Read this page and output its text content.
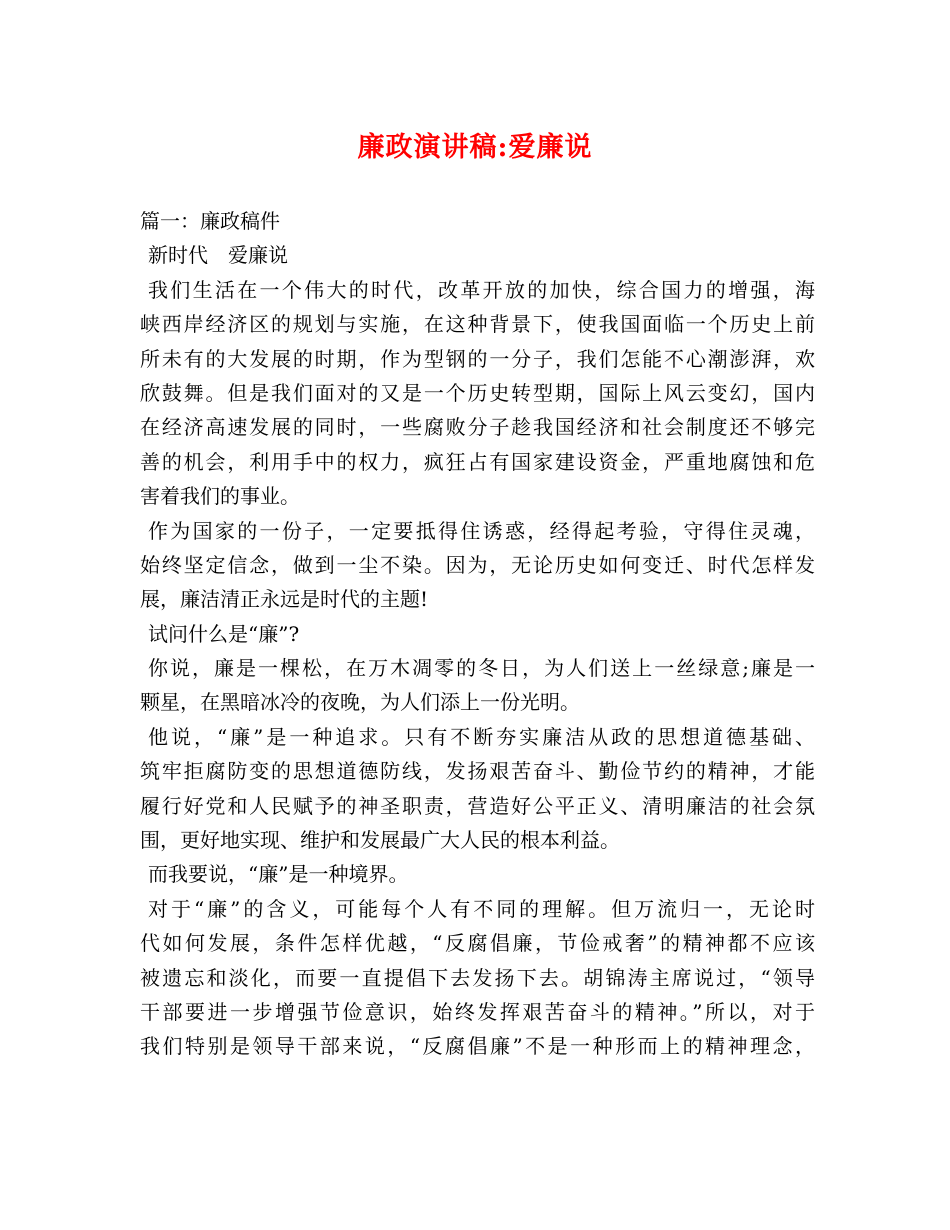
廉政演讲稿:爱廉说
篇一：廉政稿件
新时代　爱廉说
我们生活在一个伟大的时代，改革开放的加快，综合国力的增强，海
峡西岸经济区的规划与实施，在这种背景下，使我国面临一个历史上前
所未有的大发展的时期，作为型钢的一分子，我们怎能不心潮澎湃，欢
欣鼓舞。但是我们面对的又是一个历史转型期，国际上风云变幻，国内
在经济高速发展的同时，一些腐败分子趁我国经济和社会制度还不够完
善的机会，利用手中的权力，疯狂占有国家建设资金，严重地腐蚀和危
害着我们的事业。
作为国家的一份子，一定要抵得住诱惑，经得起考验，守得住灵魂，
始终坚定信念，做到一尘不染。因为，无论历史如何变迁、时代怎样发
展，廉洁清正永远是时代的主题!
试问什么是“廉”?
你说，廉是一棵松，在万木凋零的冬日，为人们送上一丝绿意;廉是一
颗星，在黑暗冰冷的夜晚，为人们添上一份光明。
他说，“廉”是一种追求。只有不断夯实廉洁从政的思想道德基础、
筑牢拒腐防变的思想道德防线，发扬艰苦奋斗、勤俭节约的精神，才能
履行好党和人民赋予的神圣职责，营造好公平正义、清明廉洁的社会氛
围，更好地实现、维护和发展最广大人民的根本利益。
而我要说，“廉”是一种境界。
对于“廉”的含义，可能每个人有不同的理解。但万流归一，无论时
代如何发展，条件怎样优越，“反腐倡廉，节俭戒奢”的精神都不应该
被遗忘和淡化，而要一直提倡下去发扬下去。胡锦涛主席说过，“领导
干部要进一步增强节俭意识，始终发挥艰苦奋斗的精神。”所以，对于
我们特别是领导干部来说，“反腐倡廉”不是一种形而上的精神理念，
